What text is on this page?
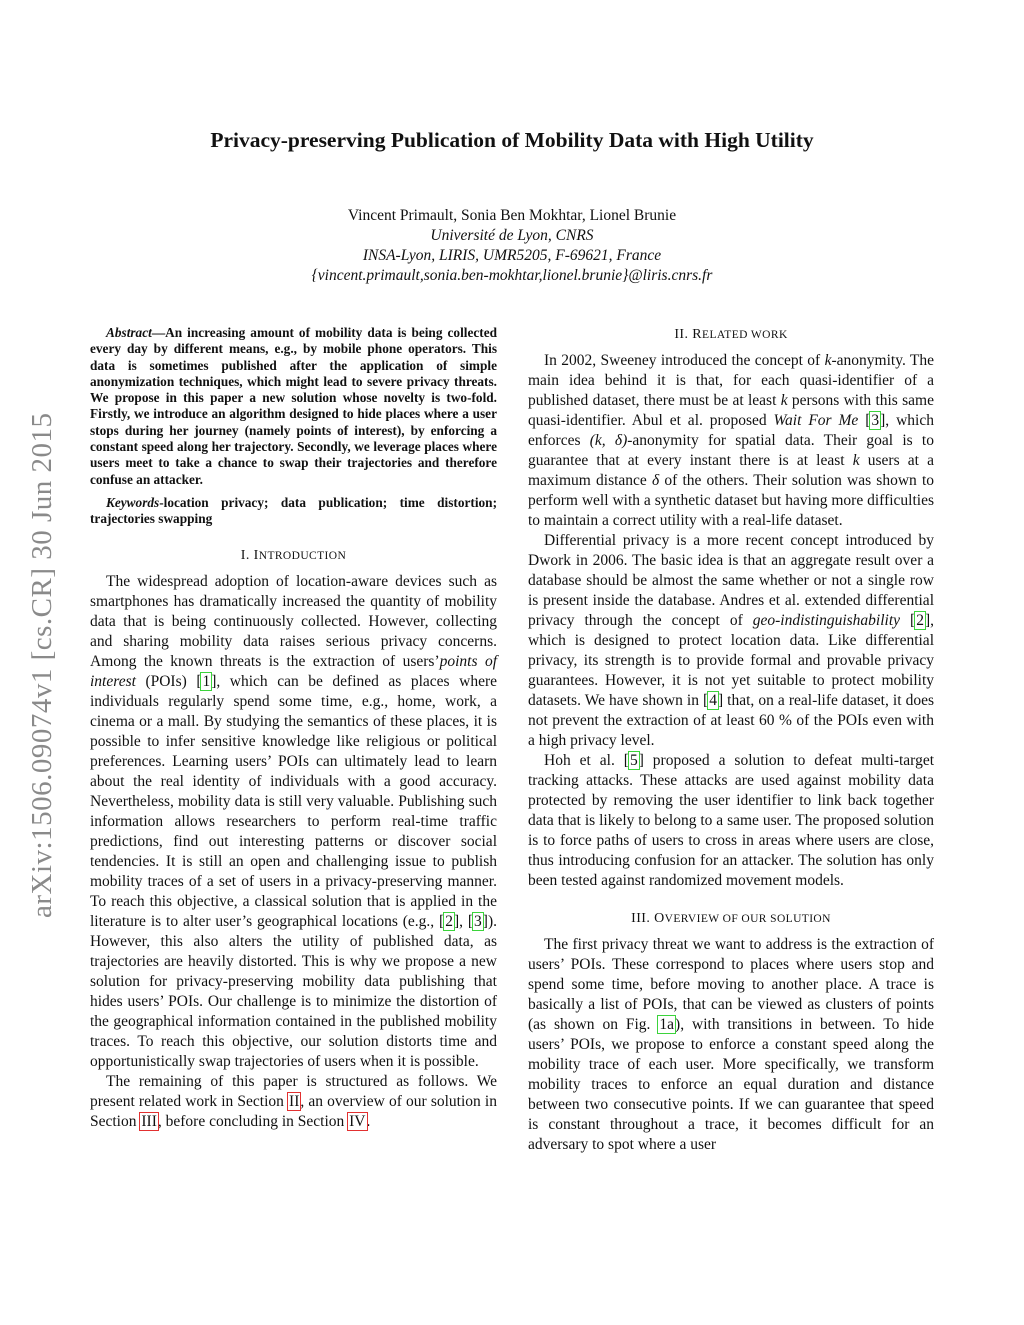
arXiv:1506.09074v1 [cs.CR] 30 Jun 2015
Privacy-preserving Publication of Mobility Data with High Utility
Vincent Primault, Sonia Ben Mokhtar, Lionel Brunie
Université de Lyon, CNRS
INSA-Lyon, LIRIS, UMR5205, F-69621, France
{vincent.primault,sonia.ben-mokhtar,lionel.brunie}@liris.cnrs.fr

Abstract—An increasing amount of mobility data is being collected every day by different means, e.g., by mobile phone operators. This data is sometimes published after the application of simple anonymization techniques, which might lead to severe privacy threats. We propose in this paper a new solution whose novelty is two-fold. Firstly, we introduce an algorithm designed to hide places where a user stops during her journey (namely points of interest), by enforcing a constant speed along her trajectory. Secondly, we leverage places where users meet to take a chance to swap their trajectories and therefore confuse an attacker.

Keywords-location privacy; data publication; time distortion; trajectories swapping

I. INTRODUCTION

The widespread adoption of location-aware devices such as smartphones has dramatically increased the quantity of mobility data that is being continuously collected. However, collecting and sharing mobility data raises serious privacy concerns. Among the known threats is the extraction of users’points of interest (POIs) [1], which can be defined as places where individuals regularly spend some time, e.g., home, work, a cinema or a mall. By studying the semantics of these places, it is possible to infer sensitive knowledge like religious or political preferences. Learning users’ POIs can ultimately lead to learn about the real identity of individuals with a good accuracy. Nevertheless, mobility data is still very valuable. Publishing such information allows researchers to perform real-time traffic predictions, find out interesting patterns or discover social tendencies. It is still an open and challenging issue to publish mobility traces of a set of users in a privacy-preserving manner. To reach this objective, a classical solution that is applied in the literature is to alter user’s geographical locations (e.g., [2], [3]). However, this also alters the utility of published data, as trajectories are heavily distorted. This is why we propose a new solution for privacy-preserving mobility data publishing that hides users’ POIs. Our challenge is to minimize the distortion of the geographical information contained in the published mobility traces. To reach this objective, our solution distorts time and opportunistically swap trajectories of users when it is possible.

The remaining of this paper is structured as follows. We present related work in Section II, an overview of our solution in Section III, before concluding in Section IV.

II. RELATED WORK

In 2002, Sweeney introduced the concept of k-anonymity. The main idea behind it is that, for each quasi-identifier of a published dataset, there must be at least k persons with this same quasi-identifier. Abul et al. proposed Wait For Me [3], which enforces (k, δ)-anonymity for spatial data. Their goal is to guarantee that at every instant there is at least k users at a maximum distance δ of the others. Their solution was shown to perform well with a synthetic dataset but having more difficulties to maintain a correct utility with a real-life dataset.

Differential privacy is a more recent concept introduced by Dwork in 2006. The basic idea is that an aggregate result over a database should be almost the same whether or not a single row is present inside the database. Andres et al. extended differential privacy through the concept of geo-indistinguishability [2], which is designed to protect location data. Like differential privacy, its strength is to provide formal and provable privacy guarantees. However, it is not yet suitable to protect mobility datasets. We have shown in [4] that, on a real-life dataset, it does not prevent the extraction of at least 60 % of the POIs even with a high privacy level.

Hoh et al. [5] proposed a solution to defeat multi-target tracking attacks. These attacks are used against mobility data protected by removing the user identifier to link back together data that is likely to belong to a same user. The proposed solution is to force paths of users to cross in areas where users are close, thus introducing confusion for an attacker. The solution has only been tested against randomized movement models.

III. OVERVIEW OF OUR SOLUTION

The first privacy threat we want to address is the extraction of users’ POIs. These correspond to places where users stop and spend some time, before moving to another place. A trace is basically a list of POIs, that can be viewed as clusters of points (as shown on Fig. 1a), with transitions in between. To hide users’ POIs, we propose to enforce a constant speed along the mobility trace of each user. More specifically, we transform mobility traces to enforce an equal duration and distance between two consecutive points. If we can guarantee that speed is constant throughout a trace, it becomes difficult for an adversary to spot where a user
